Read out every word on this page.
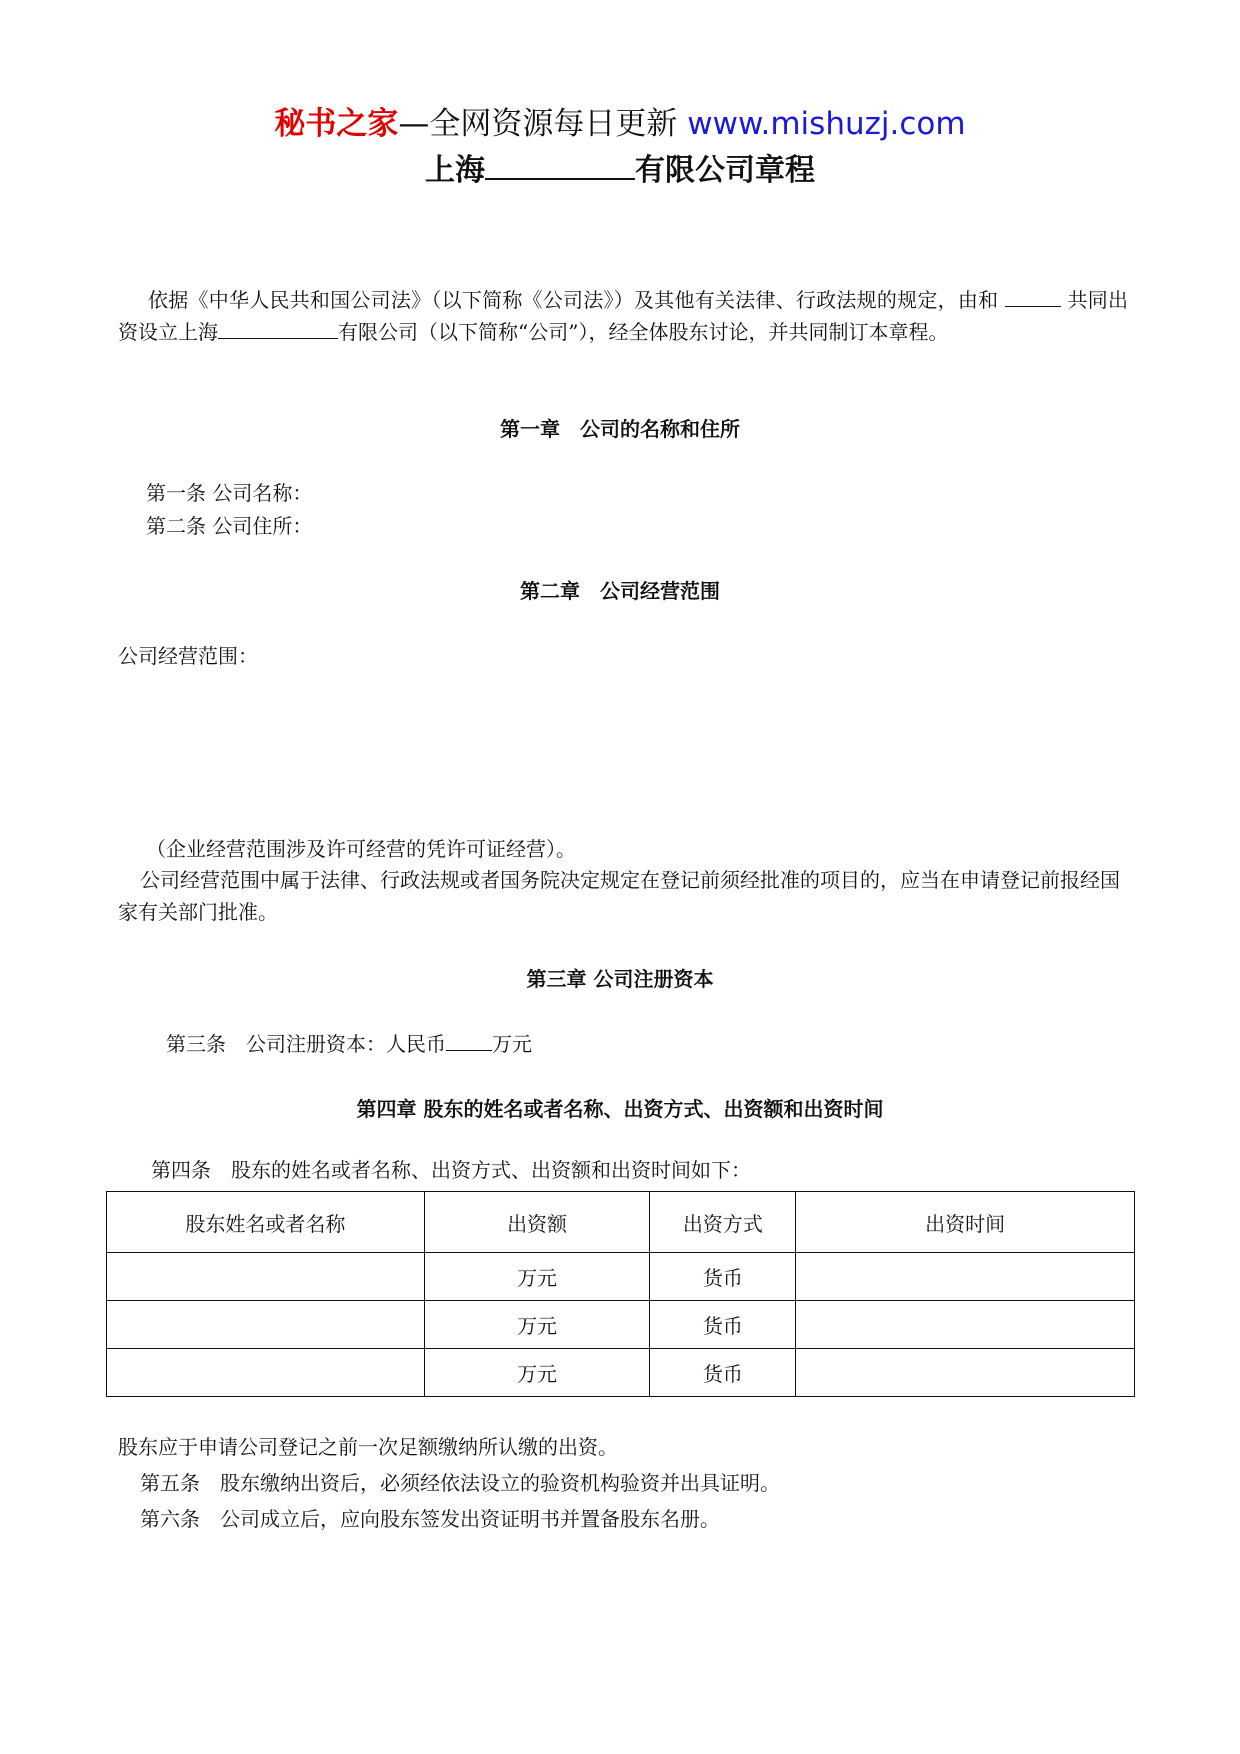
秘书之家—全网资源每日更新 www.mishuzj.com
上海	有限公司章程
依据《中华人民共和国公司法》（以下简称《公司法》）及其他有关法律、行政法规的规定，由和	共同出资设立上海	有限公司（以下简称“公司”），经全体股东讨论，并共同制订本章程。
第一章　公司的名称和住所
第一条 公司名称：
第二条 公司住所：
第二章　公司经营范围
公司经营范围：
（企业经营范围涉及许可经营的凭许可证经营）。
公司经营范围中属于法律、行政法规或者国务院决定规定在登记前须经批准的项目的，应当在申请登记前报经国家有关部门批准。
第三章 公司注册资本
第三条　公司注册资本：人民币 万元
第四章 股东的姓名或者名称、出资方式、出资额和出资时间
第四条　股东的姓名或者名称、出资方式、出资额和出资时间如下：
股东姓名或者名称	出资额	出资方式	出资时间
	万元	货币	
	万元	货币	
	万元	货币	
股东应于申请公司登记之前一次足额缴纳所认缴的出资。
第五条　股东缴纳出资后，必须经依法设立的验资机构验资并出具证明。
第六条　公司成立后，应向股东签发出资证明书并置备股东名册。
